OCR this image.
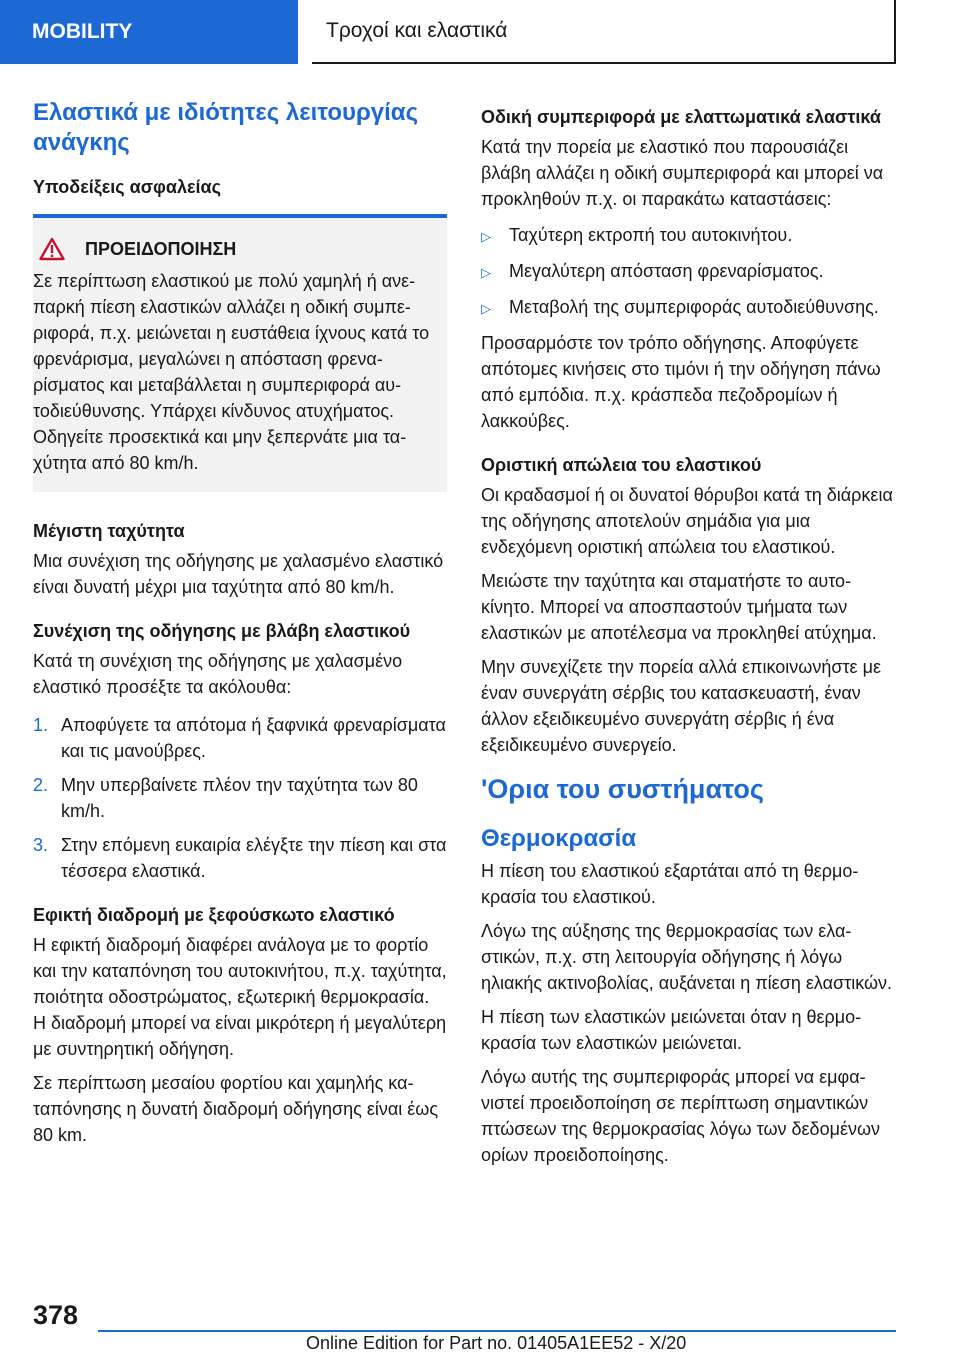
MOBILITY	Τροχοί και ελαστικά
Ελαστικά με ιδιότητες λειτουργίας ανάγκης
Υποδείξεις ασφαλείας
ΠΡΟΕΙΔΟΠΟΙΗΣΗ

Σε περίπτωση ελαστικού με πολύ χαμηλή ή ανεπαρκή πίεση ελαστικών αλλάζει η οδική συμπεριφορά, π.χ. μειώνεται η ευστάθεια ίχνους κατά το φρενάρισμα, μεγαλώνει η απόσταση φρεναρίσματος και μεταβάλλεται η συμπεριφορά αυτοδιεύθυνσης. Υπάρχει κίνδυνος ατυχήματος. Οδηγείτε προσεκτικά και μην ξεπερνάτε μια ταχύτητα από 80 km/h.

Μέγιστη ταχύτητα

Μια συνέχιση της οδήγησης με χαλασμένο ελαστικό είναι δυνατή μέχρι μια ταχύτητα από 80 km/h.

Συνέχιση της οδήγησης με βλάβη ελαστικού

Κατά τη συνέχιση της οδήγησης με χαλασμένο ελαστικό προσέξτε τα ακόλουθα:

1. Αποφύγετε τα απότομα ή ξαφνικά φρεναρίσματα και τις μανούβρες.
2. Μην υπερβαίνετε πλέον την ταχύτητα των 80 km/h.
3. Στην επόμενη ευκαιρία ελέγξτε την πίεση και στα τέσσερα ελαστικά.
Εφικτή διαδρομή με ξεφούσκωτο ελαστικό

Η εφικτή διαδρομή διαφέρει ανάλογα με το φορτίο και την καταπόνηση του αυτοκινήτου, π.χ. ταχύτητα, ποιότητα οδοστρώματος, εξωτερική θερμοκρασία. Η διαδρομή μπορεί να είναι μικρότερη ή μεγαλύτερη με συντηρητική οδήγηση.

Σε περίπτωση μεσαίου φορτίου και χαμηλής καταπόνησης η δυνατή διαδρομή οδήγησης είναι έως 80 km.

Οδική συμπεριφορά με ελαττωματικά ελαστικά

Κατά την πορεία με ελαστικό που παρουσιάζει βλάβη αλλάζει η οδική συμπεριφορά και μπορεί να προκληθούν π.χ. οι παρακάτω καταστάσεις:

▷	Ταχύτερη εκτροπή του αυτοκινήτου.
▷	Μεγαλύτερη απόσταση φρεναρίσματος.
▷	Μεταβολή της συμπεριφοράς αυτοδιεύθυνσης.

Προσαρμόστε τον τρόπο οδήγησης. Αποφύγετε απότομες κινήσεις στο τιμόνι ή την οδήγηση πάνω από εμπόδια. π.χ. κράσπεδα πεζοδρομίων ή λακκούβες.

Οριστική απώλεια του ελαστικού

Οι κραδασμοί ή οι δυνατοί θόρυβοι κατά τη διάρκεια της οδήγησης αποτελούν σημάδια για μια ενδεχόμενη οριστική απώλεια του ελαστικού.

Μειώστε την ταχύτητα και σταματήστε το αυτοκίνητο. Μπορεί να αποσπαστούν τμήματα των ελαστικών με αποτέλεσμα να προκληθεί ατύχημα.

Μην συνεχίζετε την πορεία αλλά επικοινωνήστε με έναν συνεργάτη σέρβις του κατασκευαστή, έναν άλλον εξειδικευμένο συνεργάτη σέρβις ή ένα εξειδικευμένο συνεργείο.

'Ορια του συστήματος
Θερμοκρασία

Η πίεση του ελαστικού εξαρτάται από τη θερμοκρασία του ελαστικού.

Λόγω της αύξησης της θερμοκρασίας των ελαστικών, π.χ. στη λειτουργία οδήγησης ή λόγω ηλιακής ακτινοβολίας, αυξάνεται η πίεση ελαστικών.

Η πίεση των ελαστικών μειώνεται όταν η θερμοκρασία των ελαστικών μειώνεται.

Λόγω αυτής της συμπεριφοράς μπορεί να εμφανιστεί προειδοποίηση σε περίπτωση σημαντικών πτώσεων της θερμοκρασίας λόγω των δεδομένων ορίων προειδοποίησης.

378
Online Edition for Part no. 01405A1EE52 - X/20
